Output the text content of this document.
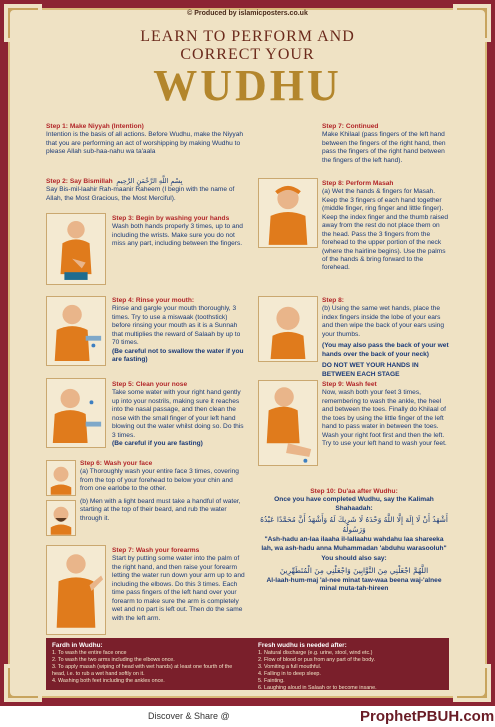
© Produced by islamicposters.co.uk
LEARN TO PERFORM AND
CORRECT YOUR
WUDHU
Step 1: Make Niyyah (Intention)
Intention is the basis of all actions. Before Wudhu, make the Niyyah that you are performing an act of worshipping by making Wudhu to please Allah sub-haa-nahu wa ta'aala
Step 2: Say Bismillah بِسْمِ اللَّهِ الرَّحْمَنِ الرَّحِيمِ
Say Bis-mil-laahir Rah-maanir Raheem (I begin with the name of Allah, the Most Gracious, the Most Merciful).
Step 3: Begin by washing your hands
Wash both hands properly 3 times, up to and including the wrists. Make sure you do not miss any part, including between the fingers.
Step 4: Rinse your mouth:
Rinse and gargle your mouth thoroughly, 3 times. Try to use a miswaak (toothstick) before rinsing your mouth as it is a Sunnah that multiplies the reward of Salaah by up to 70 times.
(Be careful not to swallow the water if you are fasting)
Step 5: Clean your nose
Take some water with your right hand gently up into your nostrils, making sure it reaches into the nasal passage, and then clean the nose with the small finger of your left hand blowing out the water whilst doing so. Do this 3 times.
(Be careful if you are fasting)
Step 6: Wash your face
(a) Thoroughly wash your entire face 3 times, covering from the top of your forehead to below your chin and from one earlobe to the other.
(b) Men with a light beard must take a handful of water, starting at the top of their beard, and rub the water through it.
Step 7: Wash your forearms
Start by putting some water into the palm of the right hand, and then raise your forearm letting the water run down your arm up to and including the elbows. Do this 3 times. Each time pass fingers of the left hand over your forearm to make sure the arm is completely wet and no part is left out. Then do the same with the left arm.
Step 7: Continued
Make Khilaal (pass fingers of the left hand between the fingers of the right hand, then pass the fingers of the right hand between the fingers of the left hand).
Step 8: Perform Masah
(a) Wet the hands & fingers for Masah. Keep the 3 fingers of each hand together (middle finger, ring finger and little finger). Keep the index finger and the thumb raised away from the rest do not place them on the head. Pass the 3 fingers from the forehead to the upper portion of the neck (where the hairline begins). Use the palms of the hands & bring forward to the forehead.
Step 8:
(b) Using the same wet hands, place the index fingers inside the lobe of your ears and then wipe the back of your ears using your thumbs.
(You may also pass the back of your wet hands over the back of your neck)
DO NOT WET YOUR HANDS IN BETWEEN EACH STAGE
Step 9: Wash feet
Now, wash both your feet 3 times, remembering to wash the ankle, the heel and between the toes. Finally do Khilaal of the toes by using the little finger of the left hand to pass water in between the toes. Wash your right foot first and then the left. Try to use your left hand to wash your feet.
Step 10: Du'aa after Wudhu:
Once you have completed Wudhu, say the Kalimah Shahaadah:
أَشْهَدُ أَنْ لَا إِلَهَ إِلَّا اللَّهُ وَحْدَهُ لَا شَرِيكَ لَهُ وَأَشْهَدُ أَنَّ مُحَمَّدًا عَبْدُهُ وَرَسُولُهُ
"Ash-hadu an-laa ilaaha il-lallaahu wahdahu laa shareeka lah, wa ash-hadu anna Muhammadan 'abduhu warasooluh"
You should also say:
اللَّهُمَّ اجْعَلْنِي مِنَ التَّوَّابِينَ وَاجْعَلْنِي مِنَ الْمُتَطَهِّرِينَ
Al-laah-hum-maj 'al-nee minat taw-waa beena waj-'alnee minal muta-tah-hireen
Fardh in Wudhu:
1. To wash the entire face once
2. To wash the two arms including the elbows once.
3. To apply masah (wiping of head with wet hands) at least one fourth of the head, i.e. to rub a wet hand softly on it.
4. Washing both feet including the ankles once.
Fresh wudhu is needed after:
1. Natural discharge (e.g. urine, stool, wind etc.)
2. Flow of blood or pus from any part of the body.
3. Vomiting a full mouthful.
4. Falling in to deep sleep.
5. Fainting.
6. Laughing aloud in Salaah or to become insane.
Discover & Share @	ProphetPBUH.com
